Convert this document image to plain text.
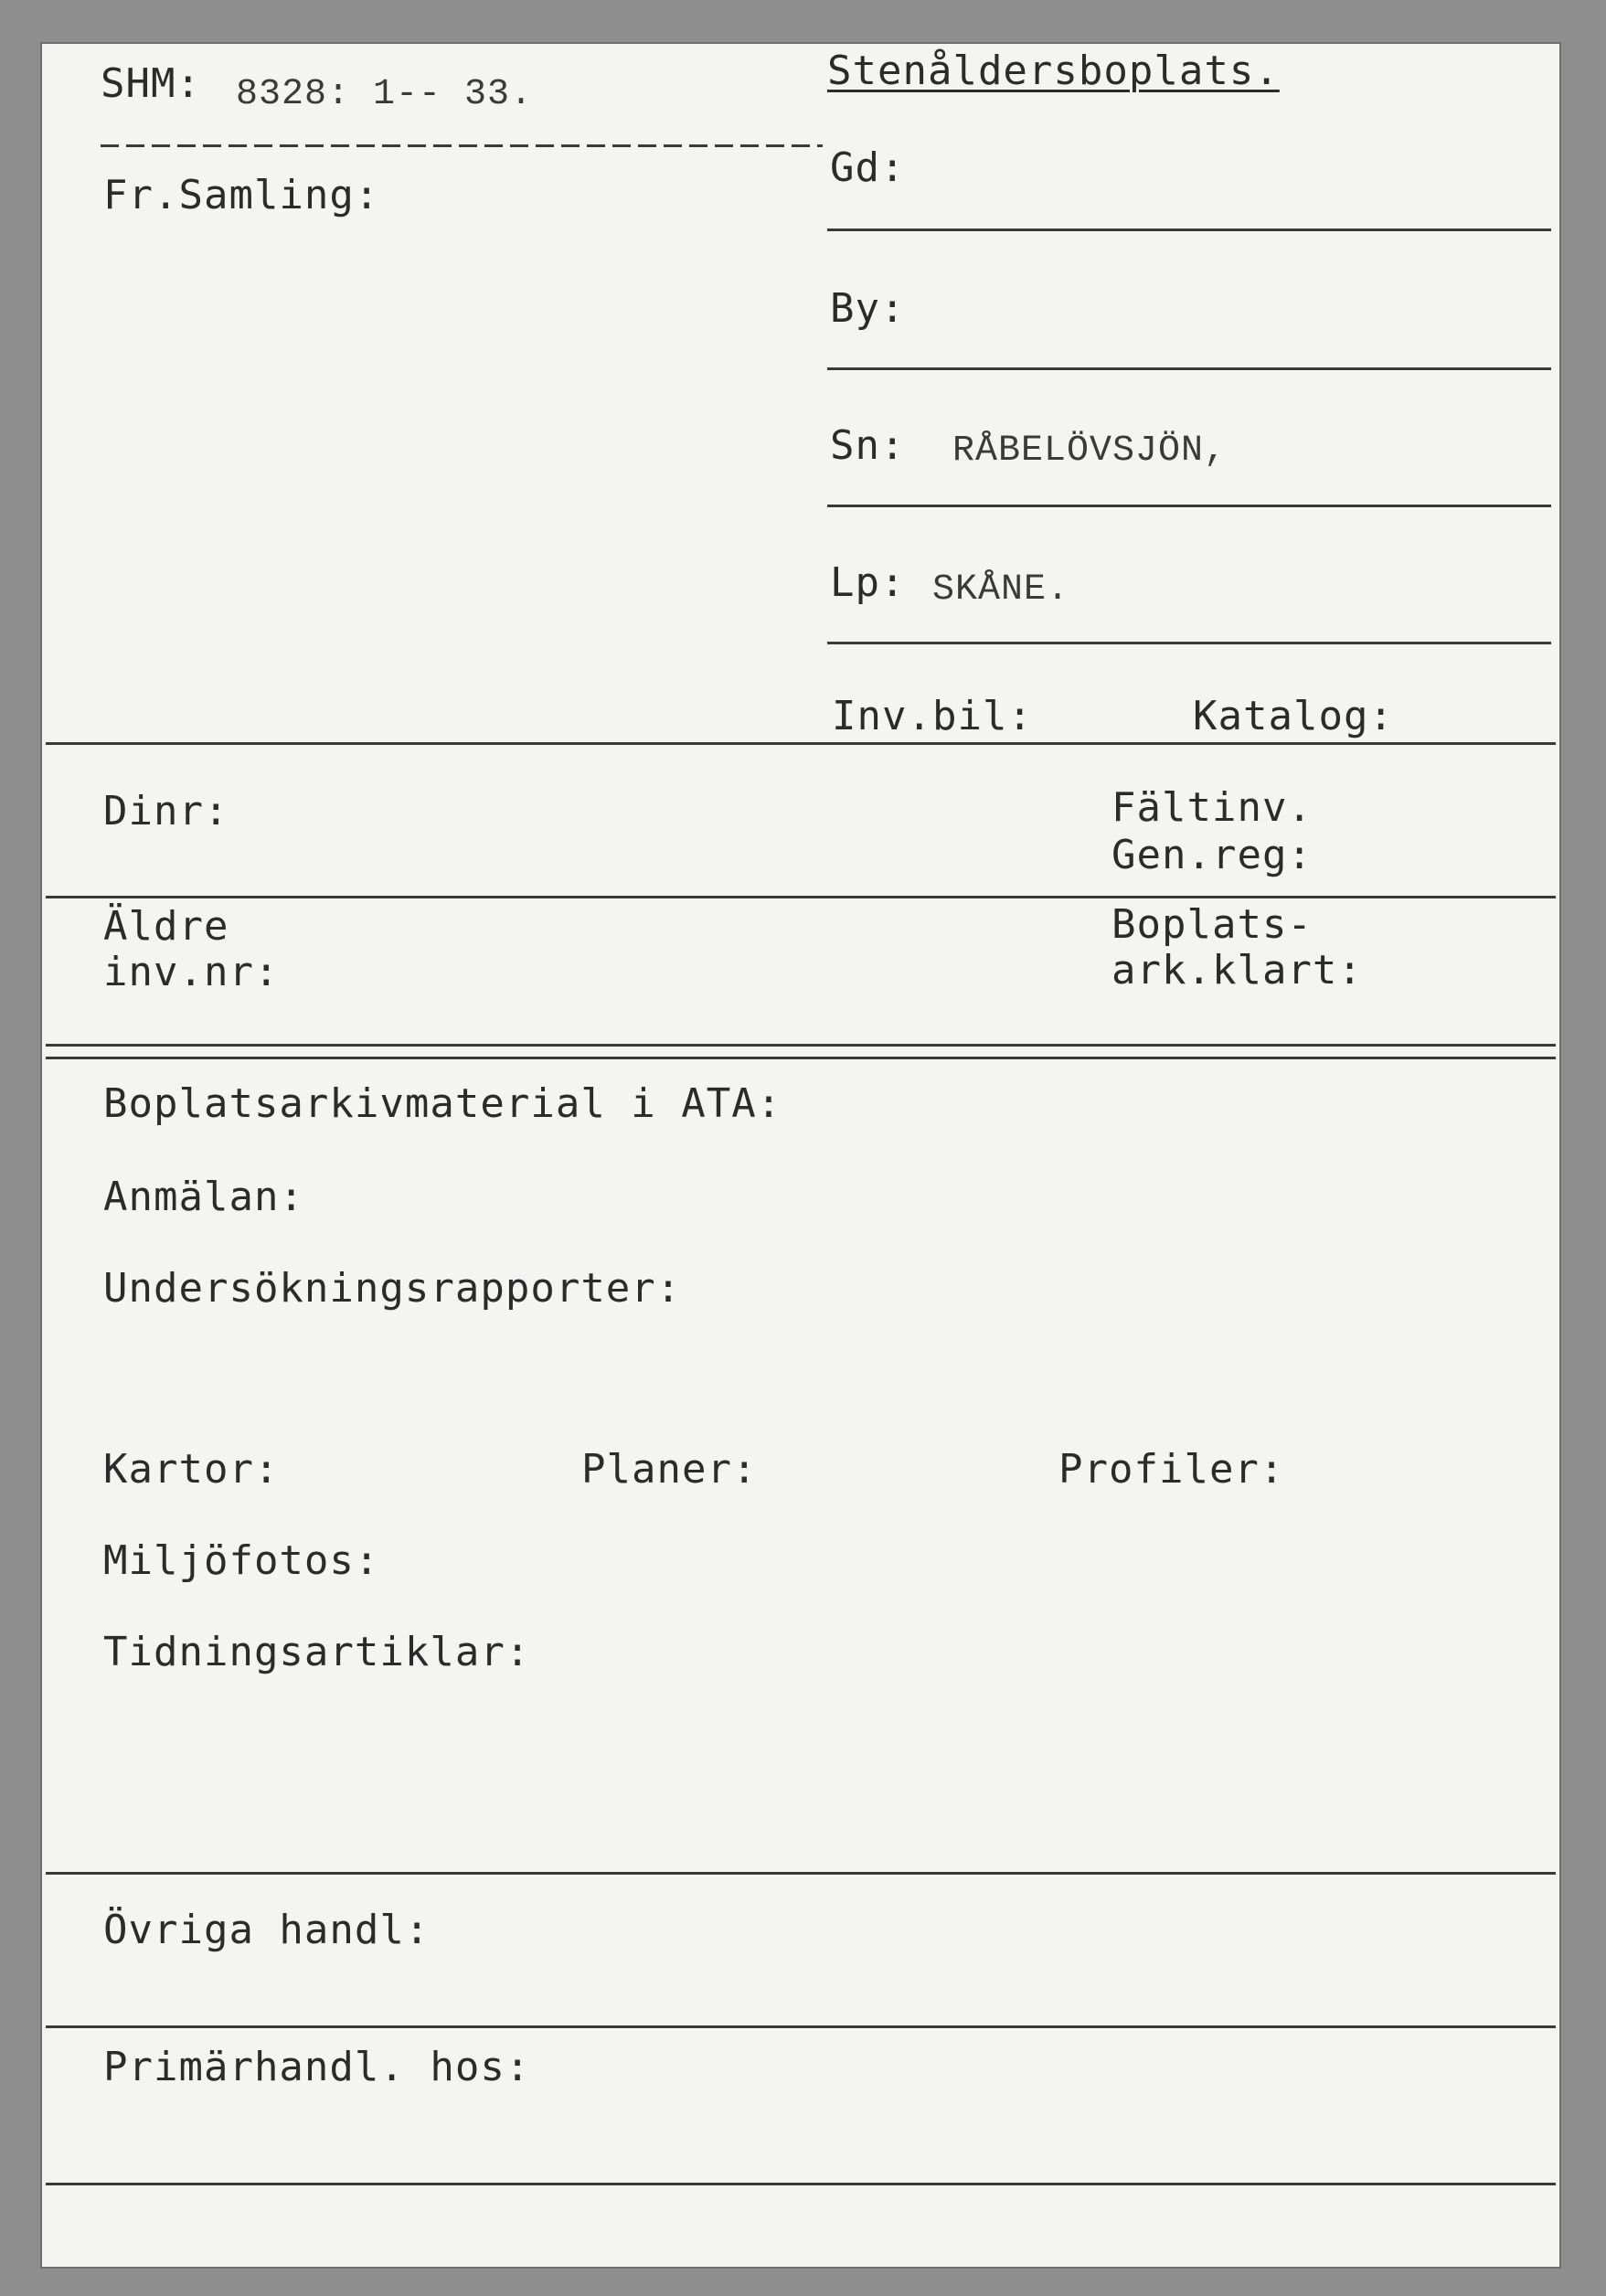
SHM: 8328: 1-- 33.
Stenåldersboplats.
Fr.Samling:
Gd:
By:
Sn: RÅBELÖVSJÖN,
Lp: SKÅNE.
Inv.bil:	Katalog:
Dinr:	Fältinv.
Gen.reg:
Äldre
inv.nr:
Boplats-
ark.klart:
Boplatsarkivmaterial i ATA:
Anmälan:
Undersökningsrapporter:
Kartor:	Planer:	Profiler:
Miljöfotos:
Tidningsartiklar:
Övriga handl:
Primärhandl. hos:
